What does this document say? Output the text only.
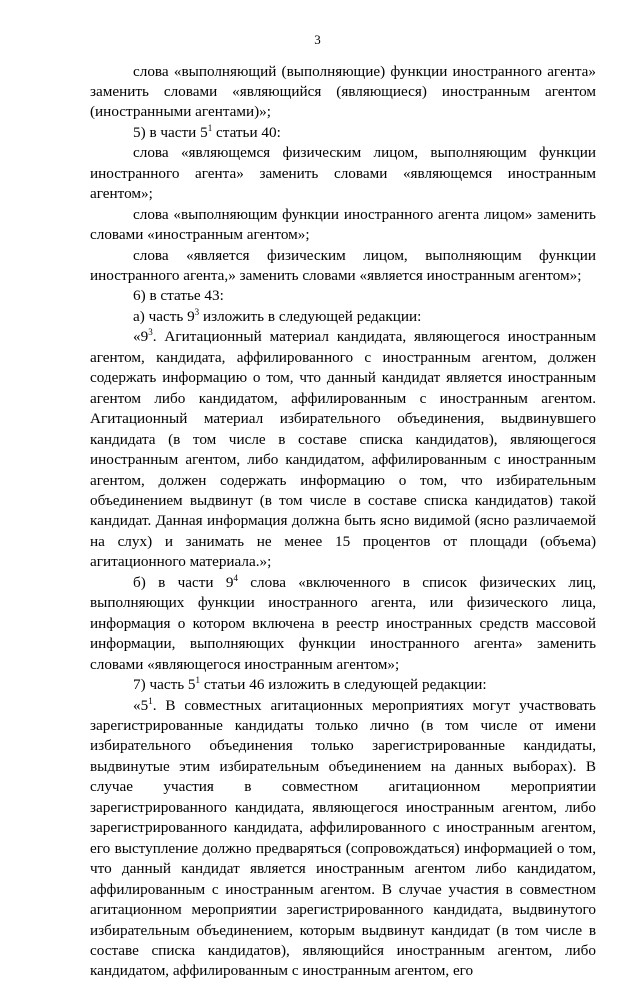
3

слова «выполняющий (выполняющие) функции иностранного агента» заменить словами «являющийся (являющиеся) иностранным агентом (иностранными агентами)»;

5) в части $5^1$ статьи 40:

слова «являющемся физическим лицом, выполняющим функции иностранного агента» заменить словами «являющемся иностранным агентом»;

слова «выполняющим функции иностранного агента лицом» заменить словами «иностранным агентом»;

слова «является физическим лицом, выполняющим функции иностранного агента,» заменить словами «является иностранным агентом»;

6) в статье 43:

а) часть $9^3$ изложить в следующей редакции:

«$9^3$. Агитационный материал кандидата, являющегося иностранным агентом, кандидата, аффилированного с иностранным агентом, должен содержать информацию о том, что данный кандидат является иностранным агентом либо кандидатом, аффилированным с иностранным агентом. Агитационный материал избирательного объединения, выдвинувшего кандидата (в том числе в составе списка кандидатов), являющегося иностранным агентом, либо кандидатом, аффилированным с иностранным агентом, должен содержать информацию о том, что избирательным объединением выдвинут (в том числе в составе списка кандидатов) такой кандидат. Данная информация должна быть ясно видимой (ясно различаемой на слух) и занимать не менее 15 процентов от площади (объема) агитационного материала.»;

б) в части $9^4$ слова «включенного в список физических лиц, выполняющих функции иностранного агента, или физического лица, информация о котором включена в реестр иностранных средств массовой информации, выполняющих функции иностранного агента» заменить словами «являющегося иностранным агентом»;

7) часть $5^1$ статьи 46 изложить в следующей редакции:

«$5^1$. В совместных агитационных мероприятиях могут участвовать зарегистрированные кандидаты только лично (в том числе от имени избирательного объединения только зарегистрированные кандидаты, выдвинутые этим избирательным объединением на данных выборах). В случае участия в совместном агитационном мероприятии зарегистрированного кандидата, являющегося иностранным агентом, либо зарегистрированного кандидата, аффилированного с иностранным агентом, его выступление должно предваряться (сопровождаться) информацией о том, что данный кандидат является иностранным агентом либо кандидатом, аффилированным с иностранным агентом. В случае участия в совместном агитационном мероприятии зарегистрированного кандидата, выдвинутого избирательным объединением, которым выдвинут кандидат (в том числе в составе списка кандидатов), являющийся иностранным агентом, либо кандидатом, аффилированным с иностранным агентом, его
